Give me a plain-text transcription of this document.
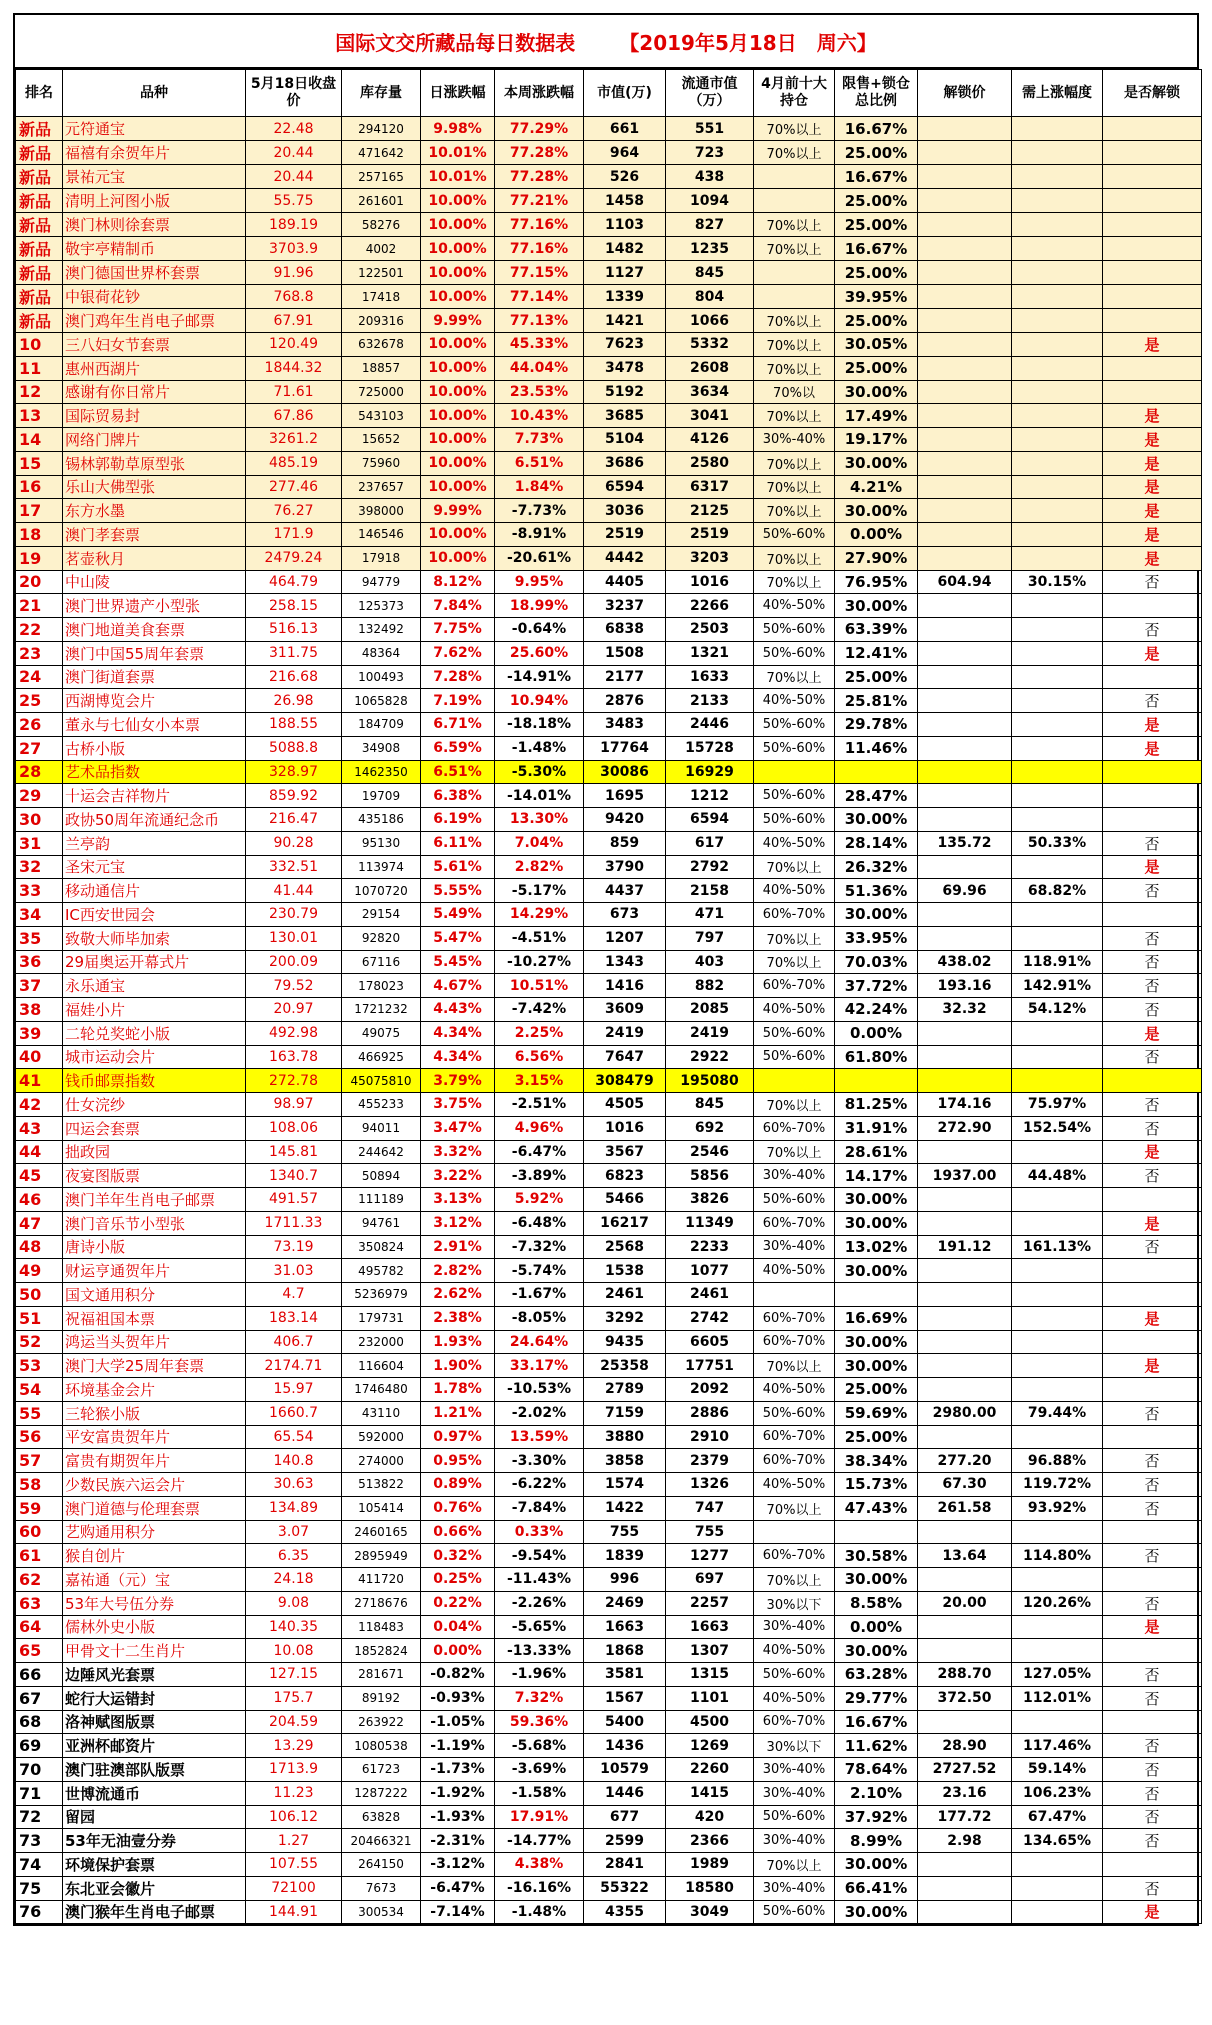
国际文交所藏品每日数据表 【2019年5月18日　周六】
排名	品种	5月18日收盘价	库存量	日涨跌幅	本周涨跌幅	市值(万)	流通市值（万）	4月前十大持仓	限售+锁仓总比例	解锁价	需上涨幅度	是否解锁
新品	元符通宝	22.48	294120	9.98%	77.29%	661	551	70%以上	16.67%			
新品	福禧有余贺年片	20.44	471642	10.01%	77.28%	964	723	70%以上	25.00%			
新品	景祐元宝	20.44	257165	10.01%	77.28%	526	438		16.67%			
新品	清明上河图小版	55.75	261601	10.00%	77.21%	1458	1094		25.00%			
新品	澳门林则徐套票	189.19	58276	10.00%	77.16%	1103	827	70%以上	25.00%			
新品	敬宇亭精制币	3703.9	4002	10.00%	77.16%	1482	1235	70%以上	16.67%			
新品	澳门德国世界杯套票	91.96	122501	10.00%	77.15%	1127	845		25.00%			
新品	中银荷花钞	768.8	17418	10.00%	77.14%	1339	804		39.95%			
新品	澳门鸡年生肖电子邮票	67.91	209316	9.99%	77.13%	1421	1066	70%以上	25.00%			
10	三八妇女节套票	120.49	632678	10.00%	45.33%	7623	5332	70%以上	30.05%			是
11	惠州西湖片	1844.32	18857	10.00%	44.04%	3478	2608	70%以上	25.00%			
12	感谢有你日常片	71.61	725000	10.00%	23.53%	5192	3634	70%以	30.00%			
13	国际贸易封	67.86	543103	10.00%	10.43%	3685	3041	70%以上	17.49%			是
14	网络门牌片	3261.2	15652	10.00%	7.73%	5104	4126	30%-40%	19.17%			是
15	锡林郭勒草原型张	485.19	75960	10.00%	6.51%	3686	2580	70%以上	30.00%			是
16	乐山大佛型张	277.46	237657	10.00%	1.84%	6594	6317	70%以上	4.21%			是
17	东方水墨	76.27	398000	9.99%	-7.73%	3036	2125	70%以上	30.00%			是
18	澳门孝套票	171.9	146546	10.00%	-8.91%	2519	2519	50%-60%	0.00%			是
19	茗壶秋月	2479.24	17918	10.00%	-20.61%	4442	3203	70%以上	27.90%			是
20	中山陵	464.79	94779	8.12%	9.95%	4405	1016	70%以上	76.95%	604.94	30.15%	否
21	澳门世界遗产小型张	258.15	125373	7.84%	18.99%	3237	2266	40%-50%	30.00%			
22	澳门地道美食套票	516.13	132492	7.75%	-0.64%	6838	2503	50%-60%	63.39%			否
23	澳门中国55周年套票	311.75	48364	7.62%	25.60%	1508	1321	50%-60%	12.41%			是
24	澳门街道套票	216.68	100493	7.28%	-14.91%	2177	1633	70%以上	25.00%			
25	西湖博览会片	26.98	1065828	7.19%	10.94%	2876	2133	40%-50%	25.81%			否
26	董永与七仙女小本票	188.55	184709	6.71%	-18.18%	3483	2446	50%-60%	29.78%			是
27	古桥小版	5088.8	34908	6.59%	-1.48%	17764	15728	50%-60%	11.46%			是
28	艺术品指数	328.97	1462350	6.51%	-5.30%	30086	16929					
29	十运会吉祥物片	859.92	19709	6.38%	-14.01%	1695	1212	50%-60%	28.47%			
30	政协50周年流通纪念币	216.47	435186	6.19%	13.30%	9420	6594	50%-60%	30.00%			
31	兰亭韵	90.28	95130	6.11%	7.04%	859	617	40%-50%	28.14%	135.72	50.33%	否
32	圣宋元宝	332.51	113974	5.61%	2.82%	3790	2792	70%以上	26.32%			是
33	移动通信片	41.44	1070720	5.55%	-5.17%	4437	2158	40%-50%	51.36%	69.96	68.82%	否
34	IC西安世园会	230.79	29154	5.49%	14.29%	673	471	60%-70%	30.00%			
35	致敬大师毕加索	130.01	92820	5.47%	-4.51%	1207	797	70%以上	33.95%			否
36	29届奥运开幕式片	200.09	67116	5.45%	-10.27%	1343	403	70%以上	70.03%	438.02	118.91%	否
37	永乐通宝	79.52	178023	4.67%	10.51%	1416	882	60%-70%	37.72%	193.16	142.91%	否
38	福娃小片	20.97	1721232	4.43%	-7.42%	3609	2085	40%-50%	42.24%	32.32	54.12%	否
39	二轮兑奖蛇小版	492.98	49075	4.34%	2.25%	2419	2419	50%-60%	0.00%			是
40	城市运动会片	163.78	466925	4.34%	6.56%	7647	2922	50%-60%	61.80%			否
41	钱币邮票指数	272.78	45075810	3.79%	3.15%	308479	195080					
42	仕女浣纱	98.97	455233	3.75%	-2.51%	4505	845	70%以上	81.25%	174.16	75.97%	否
43	四运会套票	108.06	94011	3.47%	4.96%	1016	692	60%-70%	31.91%	272.90	152.54%	否
44	拙政园	145.81	244642	3.32%	-6.47%	3567	2546	70%以上	28.61%			是
45	夜宴图版票	1340.7	50894	3.22%	-3.89%	6823	5856	30%-40%	14.17%	1937.00	44.48%	否
46	澳门羊年生肖电子邮票	491.57	111189	3.13%	5.92%	5466	3826	50%-60%	30.00%			
47	澳门音乐节小型张	1711.33	94761	3.12%	-6.48%	16217	11349	60%-70%	30.00%			是
48	唐诗小版	73.19	350824	2.91%	-7.32%	2568	2233	30%-40%	13.02%	191.12	161.13%	否
49	财运亨通贺年片	31.03	495782	2.82%	-5.74%	1538	1077	40%-50%	30.00%			
50	国文通用积分	4.7	5236979	2.62%	-1.67%	2461	2461					
51	祝福祖国本票	183.14	179731	2.38%	-8.05%	3292	2742	60%-70%	16.69%			是
52	鸿运当头贺年片	406.7	232000	1.93%	24.64%	9435	6605	60%-70%	30.00%			
53	澳门大学25周年套票	2174.71	116604	1.90%	33.17%	25358	17751	70%以上	30.00%			是
54	环境基金会片	15.97	1746480	1.78%	-10.53%	2789	2092	40%-50%	25.00%			
55	三轮猴小版	1660.7	43110	1.21%	-2.02%	7159	2886	50%-60%	59.69%	2980.00	79.44%	否
56	平安富贵贺年片	65.54	592000	0.97%	13.59%	3880	2910	60%-70%	25.00%			
57	富贵有期贺年片	140.8	274000	0.95%	-3.30%	3858	2379	60%-70%	38.34%	277.20	96.88%	否
58	少数民族六运会片	30.63	513822	0.89%	-6.22%	1574	1326	40%-50%	15.73%	67.30	119.72%	否
59	澳门道德与伦理套票	134.89	105414	0.76%	-7.84%	1422	747	70%以上	47.43%	261.58	93.92%	否
60	艺购通用积分	3.07	2460165	0.66%	0.33%	755	755					
61	猴自创片	6.35	2895949	0.32%	-9.54%	1839	1277	60%-70%	30.58%	13.64	114.80%	否
62	嘉祐通（元）宝	24.18	411720	0.25%	-11.43%	996	697	70%以上	30.00%			
63	53年大号伍分券	9.08	2718676	0.22%	-2.26%	2469	2257	30%以下	8.58%	20.00	120.26%	否
64	儒林外史小版	140.35	118483	0.04%	-5.65%	1663	1663	30%-40%	0.00%			是
65	甲骨文十二生肖片	10.08	1852824	0.00%	-13.33%	1868	1307	40%-50%	30.00%			
66	边陲风光套票	127.15	281671	-0.82%	-1.96%	3581	1315	50%-60%	63.28%	288.70	127.05%	否
67	蛇行大运错封	175.7	89192	-0.93%	7.32%	1567	1101	40%-50%	29.77%	372.50	112.01%	否
68	洛神赋图版票	204.59	263922	-1.05%	59.36%	5400	4500	60%-70%	16.67%			
69	亚洲杯邮资片	13.29	1080538	-1.19%	-5.68%	1436	1269	30%以下	11.62%	28.90	117.46%	否
70	澳门驻澳部队版票	1713.9	61723	-1.73%	-3.69%	10579	2260	30%-40%	78.64%	2727.52	59.14%	否
71	世博流通币	11.23	1287222	-1.92%	-1.58%	1446	1415	30%-40%	2.10%	23.16	106.23%	否
72	留园	106.12	63828	-1.93%	17.91%	677	420	50%-60%	37.92%	177.72	67.47%	否
73	53年无油壹分券	1.27	20466321	-2.31%	-14.77%	2599	2366	30%-40%	8.99%	2.98	134.65%	否
74	环境保护套票	107.55	264150	-3.12%	4.38%	2841	1989	70%以上	30.00%			
75	东北亚会徽片	72100	7673	-6.47%	-16.16%	55322	18580	30%-40%	66.41%			否
76	澳门猴年生肖电子邮票	144.91	300534	-7.14%	-1.48%	4355	3049	50%-60%	30.00%			是
